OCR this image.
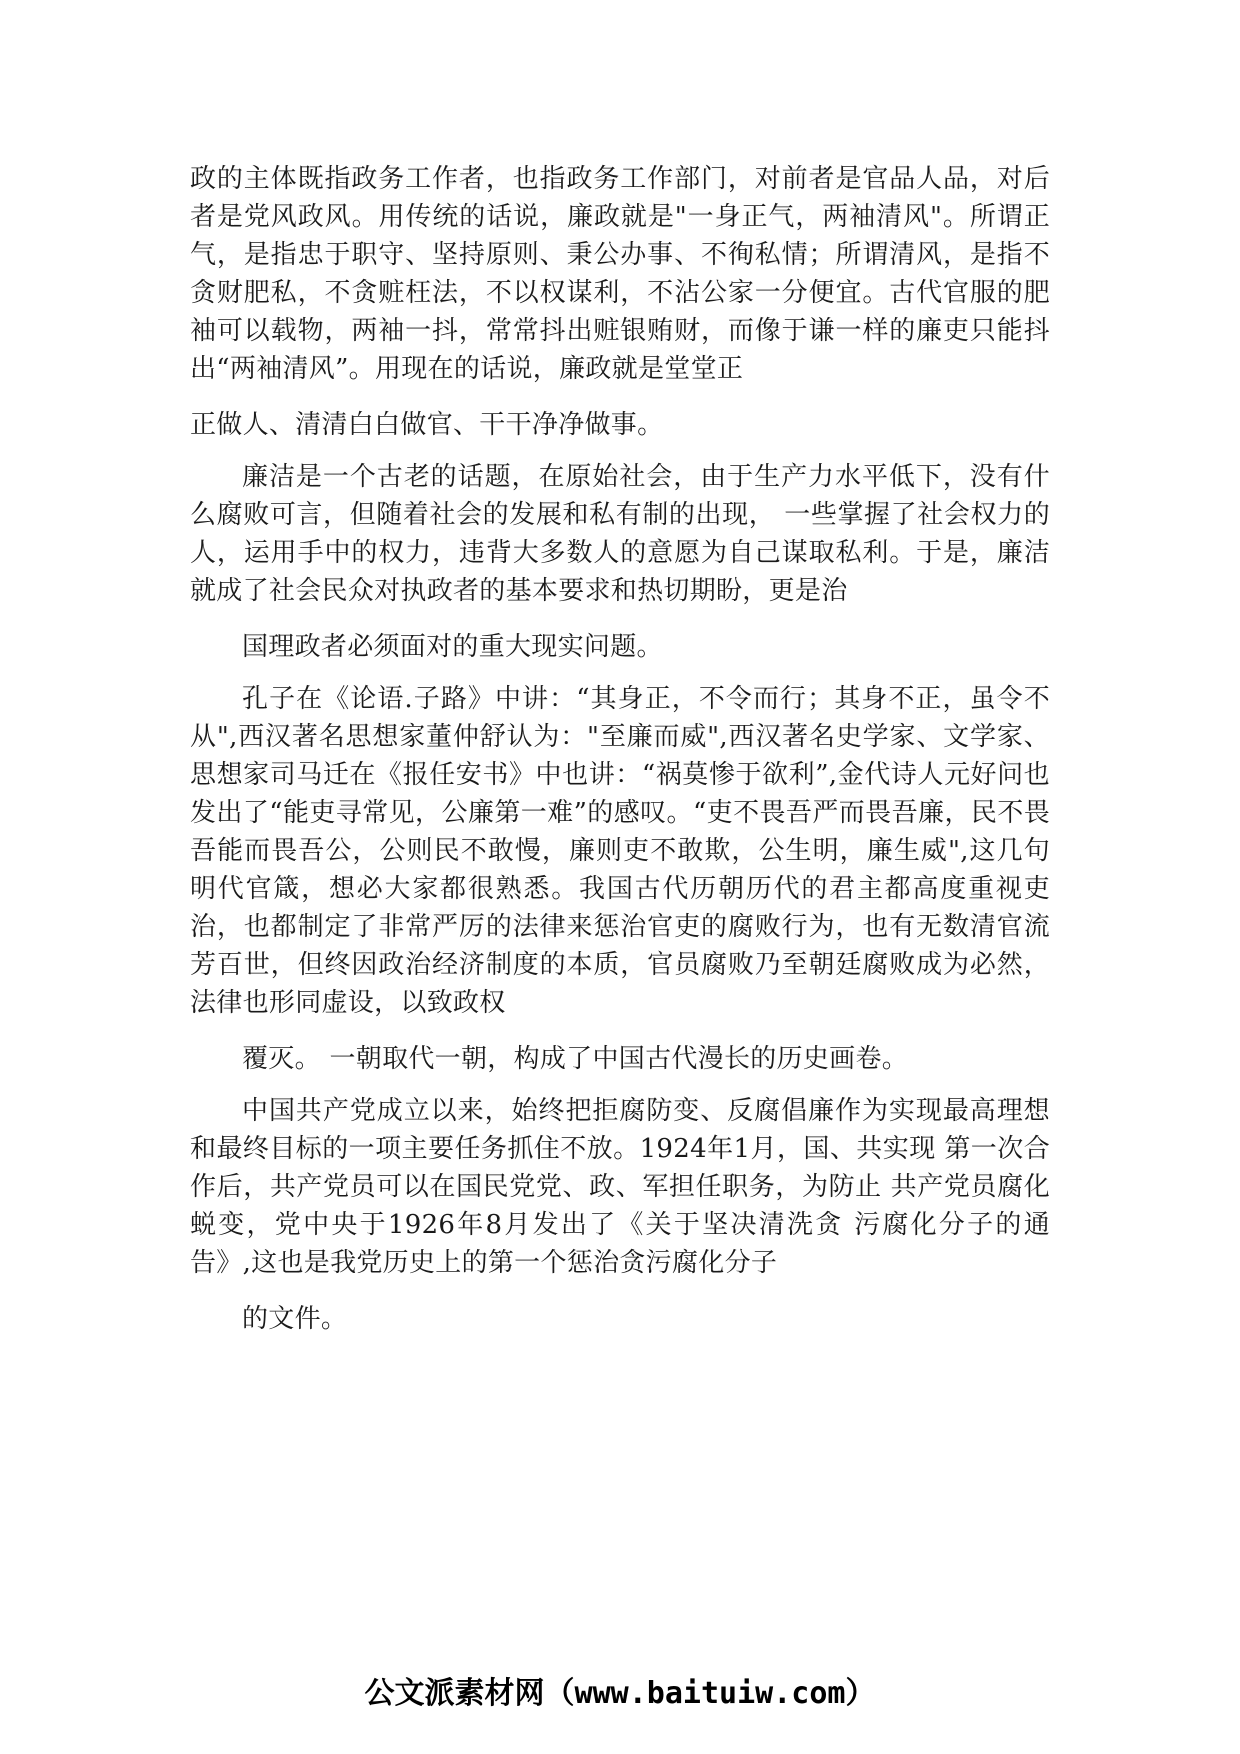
政的主体既指政务工作者，也指政务工作部门，对前者是官品人品，对后者是党风政风。用传统的话说，廉政就是"一身正气，两袖清风"。所谓正气，是指忠于职守、坚持原则、秉公办事、不徇私情；所谓清风，是指不贪财肥私，不贪赃枉法，不以权谋利，不沾公家一分便宜。古代官服的肥袖可以载物，两袖一抖，常常抖出赃银贿财，而像于谦一样的廉吏只能抖出“两袖清风”。用现在的话说，廉政就是堂堂正
正做人、清清白白做官、干干净净做事。

廉洁是一个古老的话题，在原始社会，由于生产力水平低下，没有什么腐败可言，但随着社会的发展和私有制的出现， 一些掌握了社会权力的人，运用手中的权力，违背大多数人的意愿为自己谋取私利。于是，廉洁就成了社会民众对执政者的基本要求和热切期盼，更是治
国理政者必须面对的重大现实问题。

孔子在《论语.子路》中讲：“其身正，不令而行；其身不正，虽令不从",西汉著名思想家董仲舒认为："至廉而威",西汉著名史学家、文学家、思想家司马迁在《报任安书》中也讲：“祸莫惨于欲利”,金代诗人元好问也发出了“能吏寻常见，公廉第一难”的感叹。“吏不畏吾严而畏吾廉，民不畏吾能而畏吾公，公则民不敢慢，廉则吏不敢欺，公生明，廉生威",这几句明代官箴，想必大家都很熟悉。我国古代历朝历代的君主都高度重视吏治，也都制定了非常严厉的法律来惩治官吏的腐败行为，也有无数清官流芳百世，但终因政治经济制度的本质，官员腐败乃至朝廷腐败成为必然，法律也形同虚设，以致政权
覆灭。 一朝取代一朝，构成了中国古代漫长的历史画卷。

中国共产党成立以来，始终把拒腐防变、反腐倡廉作为实现最高理想和最终目标的一项主要任务抓住不放。1924年1月，国、共实现 第一次合作后，共产党员可以在国民党党、政、军担任职务，为防止 共产党员腐化蜕变，党中央于1926年8月发出了《关于坚决清洗贪 污腐化分子的通告》,这也是我党历史上的第一个惩治贪污腐化分子
的文件。

公文派素材网（www.baituiw.com）
